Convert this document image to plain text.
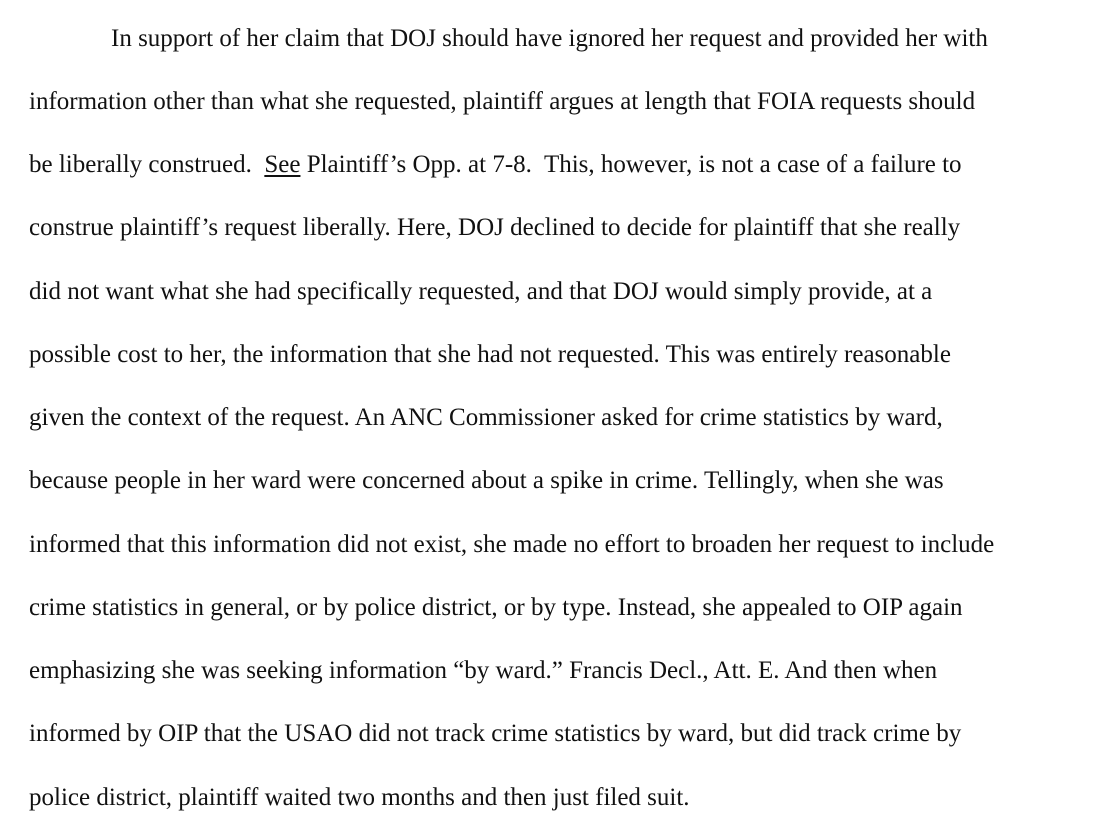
In support of her claim that DOJ should have ignored her request and provided her with
information other than what she requested, plaintiff argues at length that FOIA requests should
be liberally construed.  See Plaintiff’s Opp. at 7-8.  This, however, is not a case of a failure to
construe plaintiff’s request liberally. Here, DOJ declined to decide for plaintiff that she really
did not want what she had specifically requested, and that DOJ would simply provide, at a
possible cost to her, the information that she had not requested. This was entirely reasonable
given the context of the request. An ANC Commissioner asked for crime statistics by ward,
because people in her ward were concerned about a spike in crime. Tellingly, when she was
informed that this information did not exist, she made no effort to broaden her request to include
crime statistics in general, or by police district, or by type. Instead, she appealed to OIP again
emphasizing she was seeking information “by ward.” Francis Decl., Att. E. And then when
informed by OIP that the USAO did not track crime statistics by ward, but did track crime by
police district, plaintiff waited two months and then just filed suit.
